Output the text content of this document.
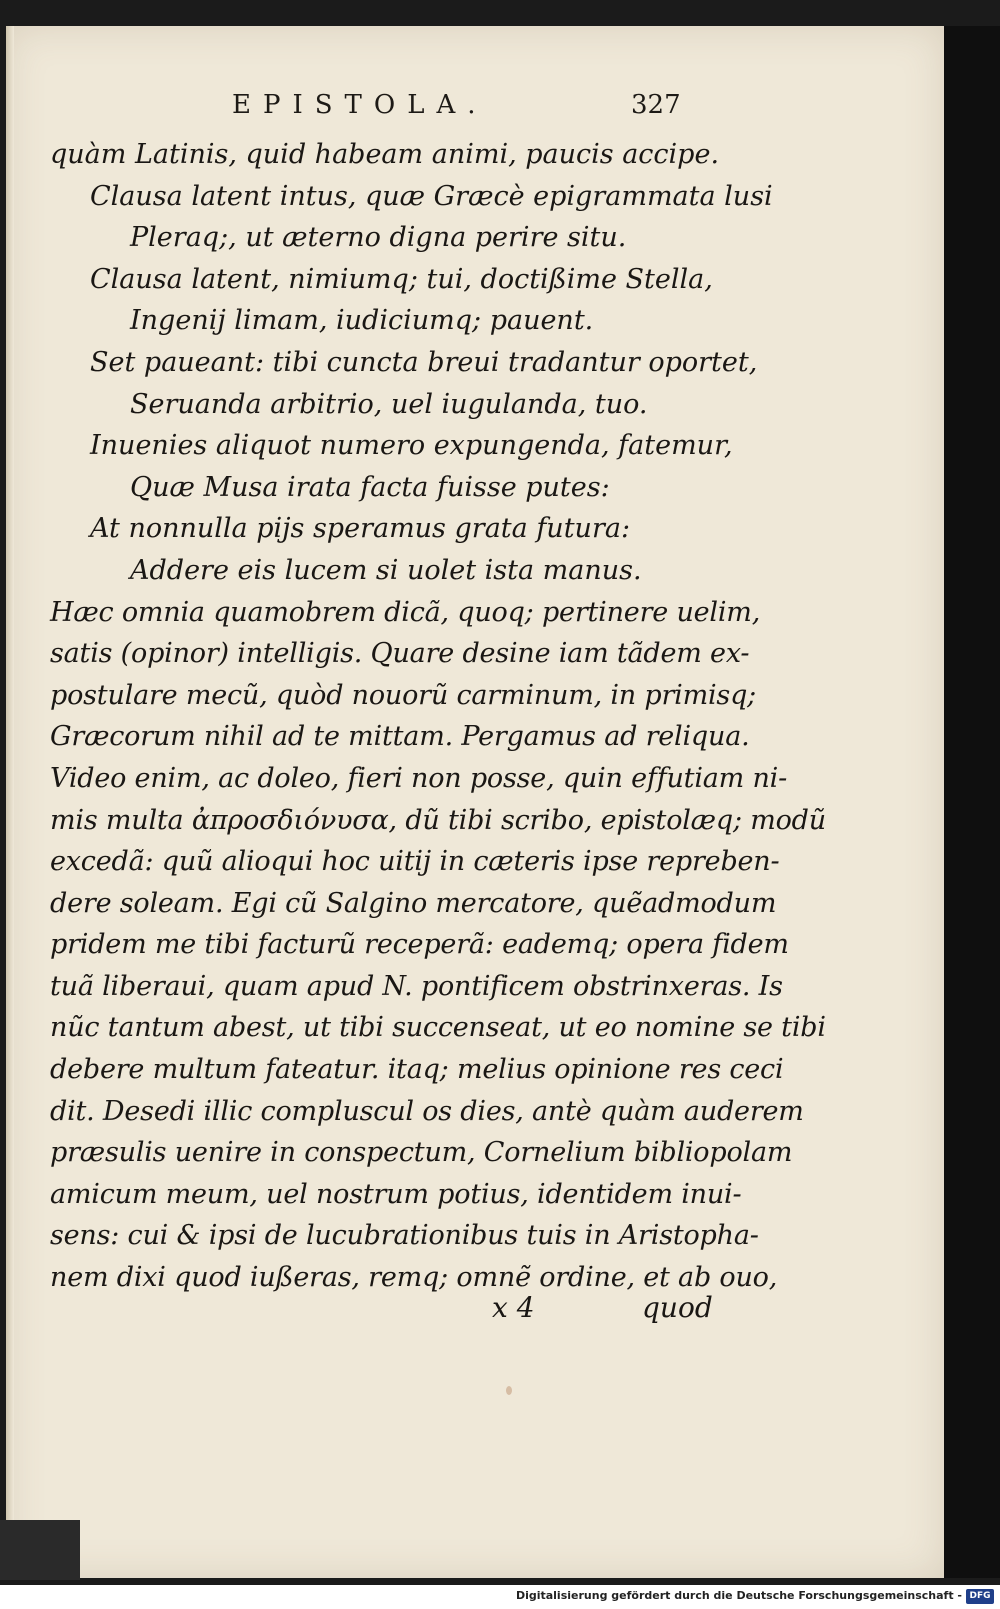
EPISTOLA.	327
quàm Latinis, quid habeam animi, paucis accipe.
Clausa latent intus, quæ Græcè epigrammata lusi
Pleraq;, ut æterno digna perire situ.
Clausa latent, nimiumq; tui, doctißime Stella,
Ingenij limam, iudiciumq; pauent.
Set paueant: tibi cuncta breui tradantur oportet,
Seruanda arbitrio, uel iugulanda, tuo.
Inuenies aliquot numero expungenda, fatemur,
Quæ Musa irata facta fuisse putes:
At nonnulla pijs speramus grata futura:
Addere eis lucem si uolet ista manus.
Hæc omnia quamobrem dicã, quoq; pertinere uelim,
satis (opinor) intelligis. Quare desine iam tãdem ex-
postulare mecũ, quòd nouorũ carminum, in primisq;
Græcorum nihil ad te mittam. Pergamus ad reliqua.
Video enim, ac doleo, fieri non posse, quin effutiam ni-
mis multa ἀπροσδιόνυσα, dũ tibi scribo, epistolæq; modũ
excedã: quũ alioqui hoc uitij in cæteris ipse repreben-
dere soleam. Egi cũ Salgino mercatore, quẽadmodum
pridem me tibi facturũ receperã: eademq; opera fidem
tuã liberaui, quam apud N. pontificem obstrinxeras. Is
nũc tantum abest, ut tibi succenseat, ut eo nomine se tibi
debere multum fateatur. itaq; melius opinione res ceci
dit. Desedi illic compluscul os dies, antè quàm auderem
præsulis uenire in conspectum, Cornelium bibliopolam
amicum meum, uel nostrum potius, identidem inui-
sens: cui & ipsi de lucubrationibus tuis in Aristopha-
nem dixi quod iußeras, remq; omnẽ ordine, et ab ouo,
x 4	quod
Digitalisierung gefördert durch die Deutsche Forschungsgemeinschaft - DFG
